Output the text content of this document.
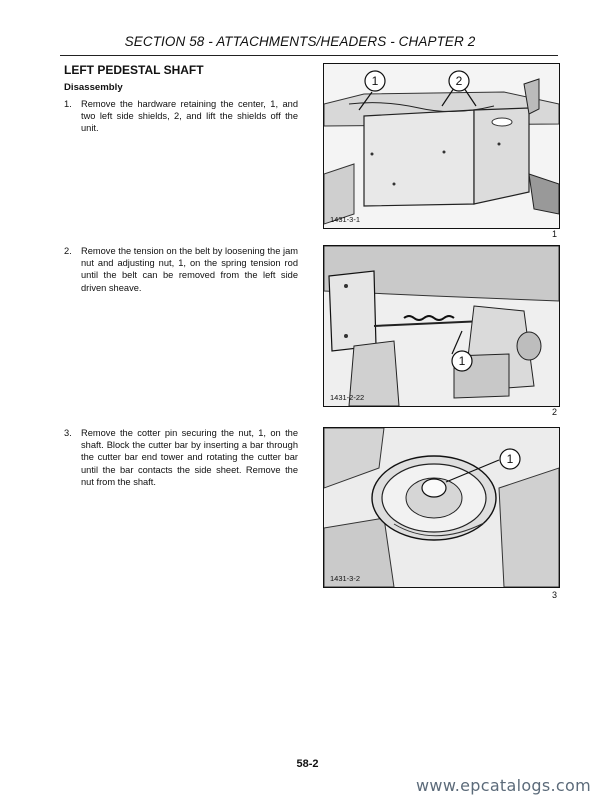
SECTION 58 - ATTACHMENTS/HEADERS - CHAPTER 2
LEFT PEDESTAL SHAFT
Disassembly
1. Remove the hardware retaining the center, 1, and two left side shields, 2, and lift the shields off the unit.
2. Remove the tension on the belt by loosening the jam nut and adjusting nut, 1, on the spring tension rod until the belt can be removed from the left side driven sheave.
3. Remove the cotter pin securing the nut, 1, on the shaft. Block the cutter bar by inserting a bar through the cutter bar end tower and rotating the cutter bar until the bar contacts the side sheet. Remove the nut from the shaft.
1	2
1431-3-1
1
1
1431-2-22
2
1
1431-3-2
3
58-2
www.epcatalogs.com
